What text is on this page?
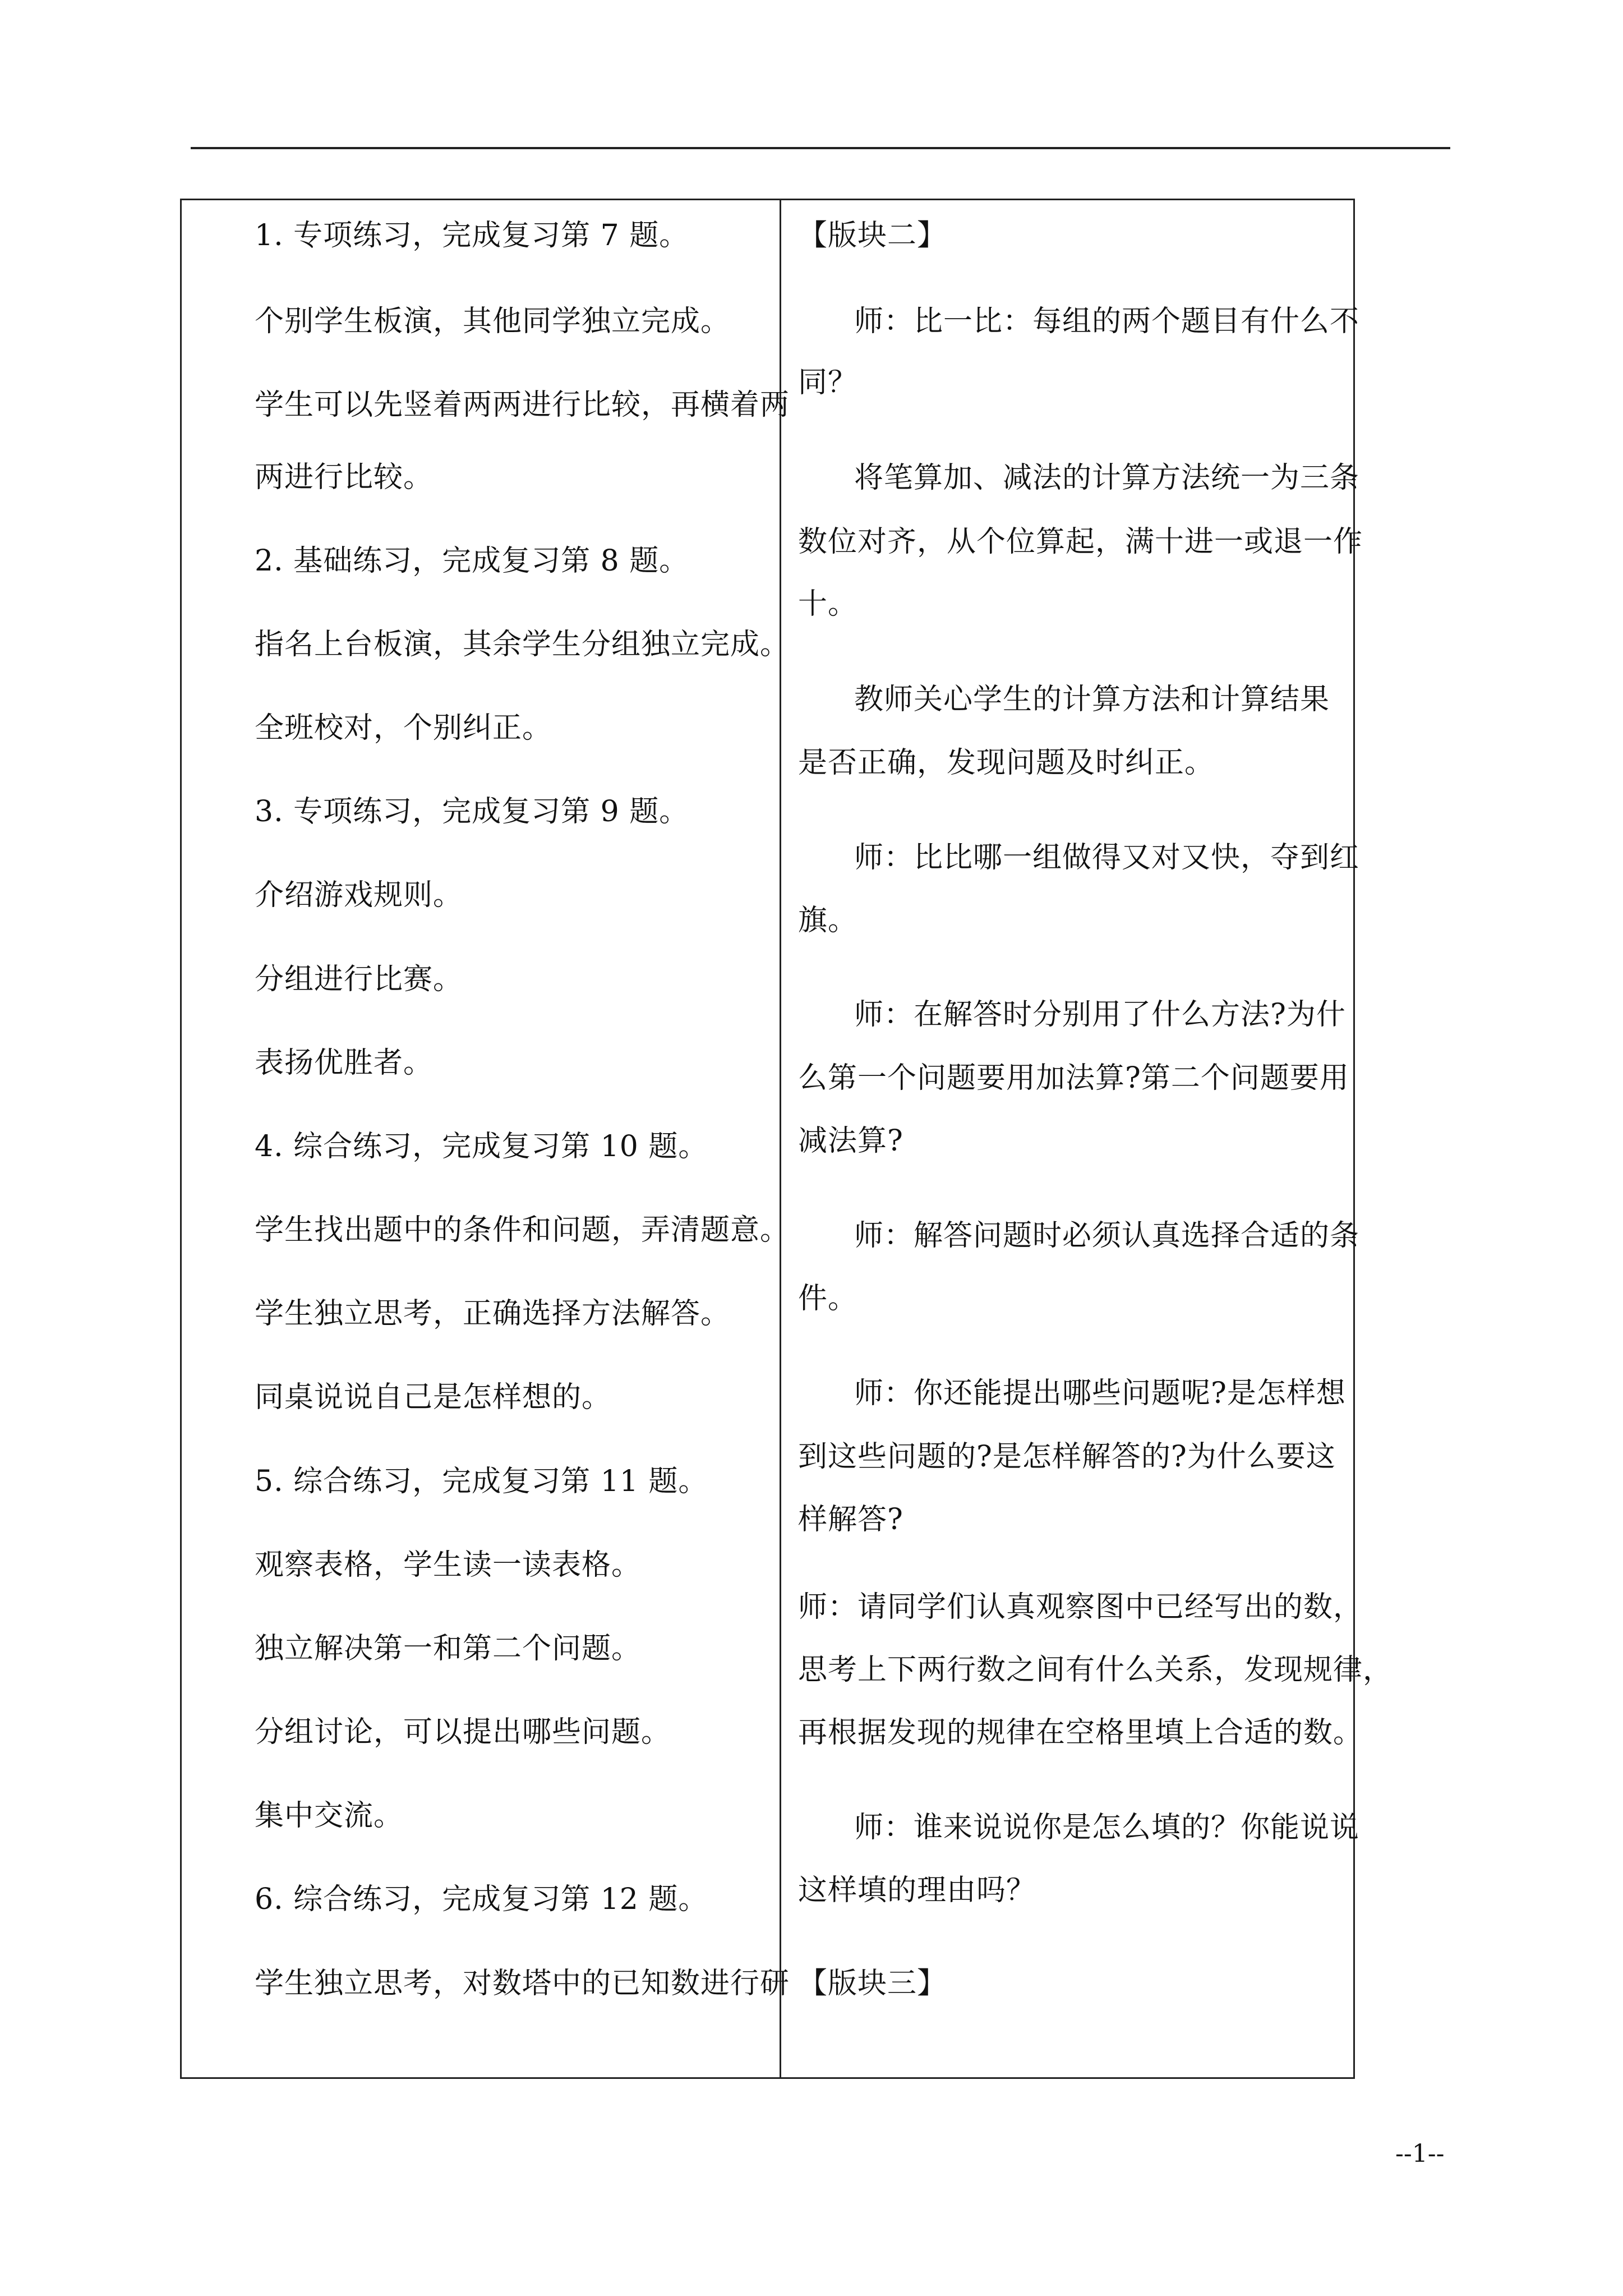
1. 专项练习，完成复习第 7 题。
个别学生板演，其他同学独立完成。
学生可以先竖着两两进行比较，再横着两
两进行比较。
2. 基础练习，完成复习第 8 题。
指名上台板演，其余学生分组独立完成。
全班校对，个别纠正。
3. 专项练习，完成复习第 9 题。
介绍游戏规则。
分组进行比赛。
表扬优胜者。
4. 综合练习，完成复习第 10 题。
学生找出题中的条件和问题，弄清题意。
学生独立思考，正确选择方法解答。
同桌说说自己是怎样想的。
5. 综合练习，完成复习第 11 题。
观察表格，学生读一读表格。
独立解决第一和第二个问题。
分组讨论，可以提出哪些问题。
集中交流。
6. 综合练习，完成复习第 12 题。
学生独立思考，对数塔中的已知数进行研
【版块二】
师：比一比：每组的两个题目有什么不
同？
将笔算加、减法的计算方法统一为三条
数位对齐，从个位算起，满十进一或退一作
十。
教师关心学生的计算方法和计算结果
是否正确，发现问题及时纠正。
师：比比哪一组做得又对又快，夺到红
旗。
师：在解答时分别用了什么方法?为什
么第一个问题要用加法算?第二个问题要用
减法算?
师：解答问题时必须认真选择合适的条
件。
师：你还能提出哪些问题呢?是怎样想
到这些问题的?是怎样解答的?为什么要这
样解答?
师：请同学们认真观察图中已经写出的数，
思考上下两行数之间有什么关系，发现规律，
再根据发现的规律在空格里填上合适的数。
师：谁来说说你是怎么填的？你能说说
这样填的理由吗？
【版块三】
--1--
